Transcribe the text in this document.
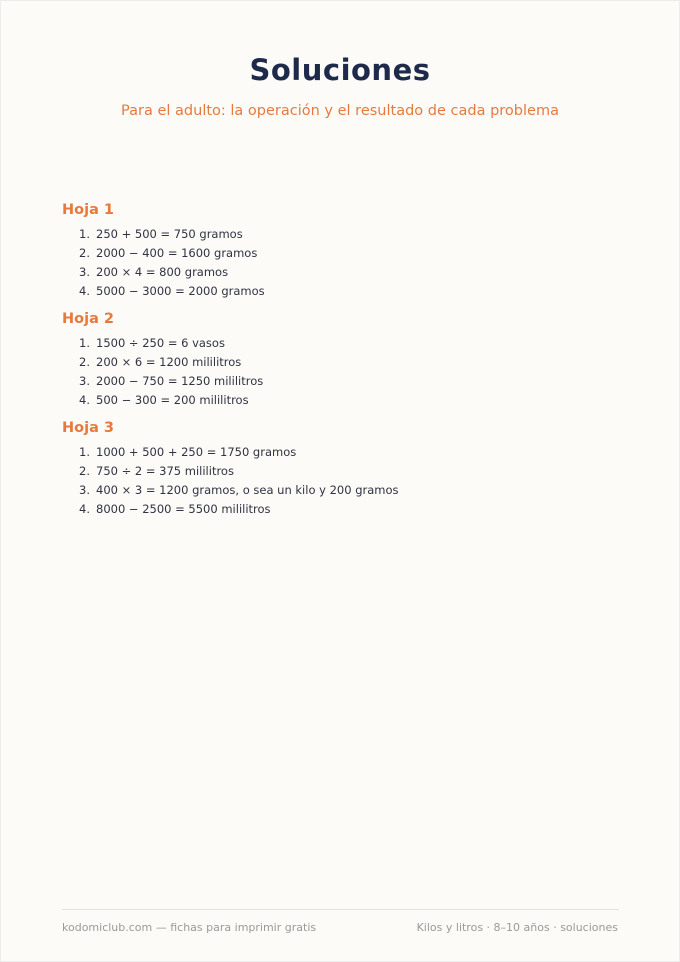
Soluciones

Para el adulto: la operación y el resultado de cada problema

Hoja 1
1. 250 + 500 = 750 gramos
2. 2000 − 400 = 1600 gramos
3. 200 × 4 = 800 gramos
4. 5000 − 3000 = 2000 gramos
Hoja 2
1. 1500 ÷ 250 = 6 vasos
2. 200 × 6 = 1200 mililitros
3. 2000 − 750 = 1250 mililitros
4. 500 − 300 = 200 mililitros
Hoja 3
1. 1000 + 500 + 250 = 1750 gramos
2. 750 ÷ 2 = 375 mililitros
3. 400 × 3 = 1200 gramos, o sea un kilo y 200 gramos
4. 8000 − 2500 = 5500 mililitros
kodomiclub.com — fichas para imprimir gratis	Kilos y litros · 8–10 años · soluciones
